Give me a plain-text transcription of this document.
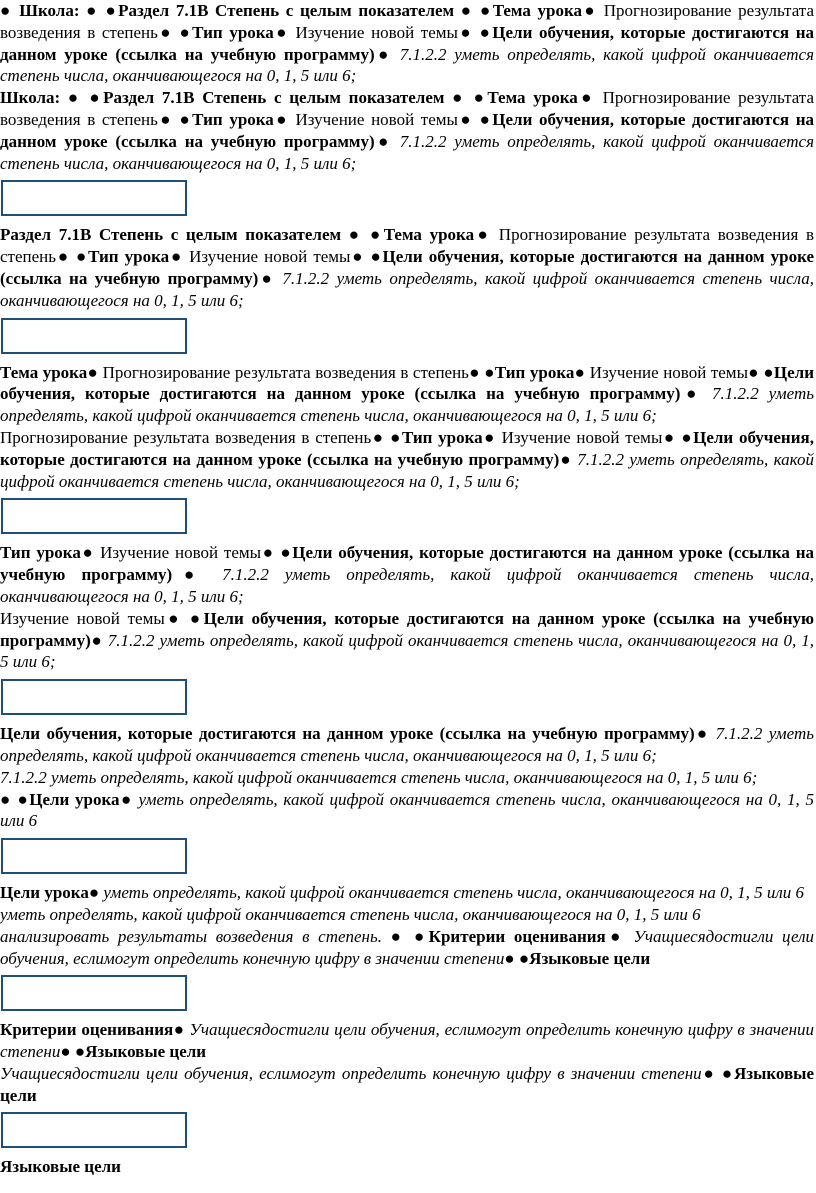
● Школа: ● ●Раздел 7.1В Степень с целым показателем ● ●Тема урока● Прогнозирование результата возведения в степень● ●Тип урока● Изучение новой темы● ●Цели обучения, которые достигаются на данном уроке (ссылка на учебную программу)● 7.1.2.2 уметь определять, какой цифрой оканчивается степень числа, оканчивающегося на 0, 1, 5 или 6;

Школа: ● ●Раздел 7.1В Степень с целым показателем ● ●Тема урока● Прогнозирование результата возведения в степень● ●Тип урока● Изучение новой темы● ●Цели обучения, которые достигаются на данном уроке (ссылка на учебную программу)● 7.1.2.2 уметь определять, какой цифрой оканчивается степень числа, оканчивающегося на 0, 1, 5 или 6;

Раздел 7.1В Степень с целым показателем ● ●Тема урока● Прогнозирование результата возведения в степень● ●Тип урока● Изучение новой темы● ●Цели обучения, которые достигаются на данном уроке (ссылка на учебную программу)● 7.1.2.2 уметь определять, какой цифрой оканчивается степень числа, оканчивающегося на 0, 1, 5 или 6;

Тема урока● Прогнозирование результата возведения в степень● ●Тип урока● Изучение новой темы● ●Цели обучения, которые достигаются на данном уроке (ссылка на учебную программу)● 7.1.2.2 уметь определять, какой цифрой оканчивается степень числа, оканчивающегося на 0, 1, 5 или 6;

Прогнозирование результата возведения в степень● ●Тип урока● Изучение новой темы● ●Цели обучения, которые достигаются на данном уроке (ссылка на учебную программу)● 7.1.2.2 уметь определять, какой цифрой оканчивается степень числа, оканчивающегося на 0, 1, 5 или 6;

Тип урока● Изучение новой темы● ●Цели обучения, которые достигаются на данном уроке (ссылка на учебную программу)● 7.1.2.2 уметь определять, какой цифрой оканчивается степень числа, оканчивающегося на 0, 1, 5 или 6;

Изучение новой темы● ●Цели обучения, которые достигаются на данном уроке (ссылка на учебную программу)● 7.1.2.2 уметь определять, какой цифрой оканчивается степень числа, оканчивающегося на 0, 1, 5 или 6;

Цели обучения, которые достигаются на данном уроке (ссылка на учебную программу)● 7.1.2.2 уметь определять, какой цифрой оканчивается степень числа, оканчивающегося на 0, 1, 5 или 6;

7.1.2.2 уметь определять, какой цифрой оканчивается степень числа, оканчивающегося на 0, 1, 5 или 6;

● ●Цели урока● уметь определять, какой цифрой оканчивается степень числа, оканчивающегося на 0, 1, 5 или 6

Цели урока● уметь определять, какой цифрой оканчивается степень числа, оканчивающегося на 0, 1, 5 или 6

уметь определять, какой цифрой оканчивается степень числа, оканчивающегося на 0, 1, 5 или 6

анализировать результаты возведения в степень. ● ●Критерии оценивания● Учащиесядостигли цели обучения, еслимогут определить конечную цифру в значении степени● ●Языковые цели

Критерии оценивания● Учащиесядостигли цели обучения, еслимогут определить конечную цифру в значении степени● ●Языковые цели

Учащиесядостигли цели обучения, еслимогут определить конечную цифру в значении степени● ●Языковые цели

Языковые цели
